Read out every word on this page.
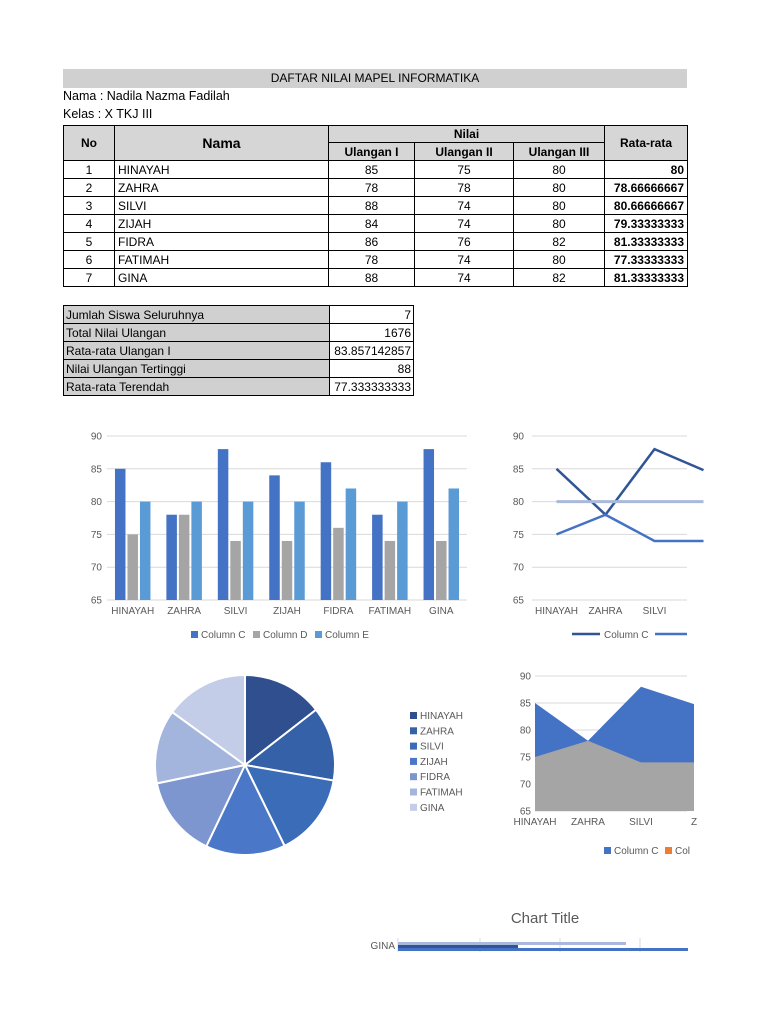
DAFTAR NILAI MAPEL INFORMATIKA
Nama : Nadila Nazma Fadilah
Kelas : X TKJ III
No	Nama	Nilai			Rata-rata
		Ulangan I	Ulangan II	Ulangan III	
1	HINAYAH	85	75	80	80
2	ZAHRA	78	78	80	78.66666667
3	SILVI	88	74	80	80.66666667
4	ZIJAH	84	74	80	79.33333333
5	FIDRA	86	76	82	81.33333333
6	FATIMAH	78	74	80	77.33333333
7	GINA	88	74	82	81.33333333
Jumlah Siswa Seluruhnya	7
Total Nilai Ulangan	1676
Rata-rata Ulangan I	83.857142857
Nilai Ulangan Tertinggi	88
Rata-rata Terendah	77.333333333
65
70
75
80
85
90
HINAYAH ZAHRA SILVI	ZIJAH FIDRA FATIMAH GINA
Column C Column D Column E
65
70
75
80
85
90
HINAYAH ZAHRA SILVI
Column C
HINAYAH
ZAHRA
SILVI
ZIJAH
FIDRA
FATIMAH
GINA	65
70
75
80
85
90
HINAYAH ZAHRA SILVI	Z
Column C Col
Chart Title
GINA
